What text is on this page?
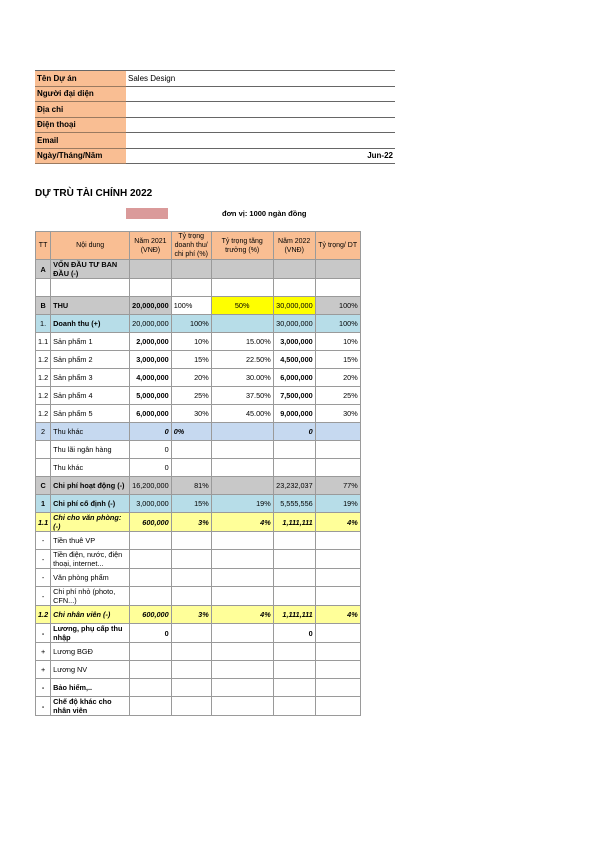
Tên Dự án	Sales Design
Người đại diện	
Địa chỉ	
Điện thoại	
Email	
Ngày/Tháng/Năm	Jun-22
DỰ TRÙ TÀI CHÍNH 2022
đơn vị: 1000 ngàn đồng
TT	Nội dung	Năm 2021 (VNĐ)	Tỷ trọng doanh thu/ chi phí (%)	Tỷ trọng tăng trưởng (%)	Năm 2022 (VNĐ)	Tỷ trọng/ DT
A	VỐN ĐẦU TƯ BAN ĐẦU (-)					

B	THU	20,000,000	100%	50%	30,000,000	100%
1.	Doanh thu (+)	20,000,000	100%		30,000,000	100%
1.1	Sản phẩm 1	2,000,000	10%	15.00%	3,000,000	10%
1.2	Sản phẩm 2	3,000,000	15%	22.50%	4,500,000	15%
1.2	Sản phẩm 3	4,000,000	20%	30.00%	6,000,000	20%
1.2	Sản phẩm 4	5,000,000	25%	37.50%	7,500,000	25%
1.2	Sản phẩm 5	6,000,000	30%	45.00%	9,000,000	30%
2	Thu khác	0	0%		0	
	Thu lãi ngân hàng	0				
	Thu khác	0				
C	Chi phí hoạt động (-)	16,200,000	81%		23,232,037	77%
1	Chi phí cố định (-)	3,000,000	15%	19%	5,555,556	19%
1.1	Chi cho văn phòng: (-)	600,000	3%	4%	1,111,111	4%
-	Tiền thuê VP					
-	Tiền điện, nước, điện thoại, internet...					
-	Văn phòng phẩm					
-	Chi phí nhỏ (photo, CFN...)					
1.2	Chi nhân viên (-)	600,000	3%	4%	1,111,111	4%
-	Lương, phụ cấp thu nhập	0			0	
+	Lương BGĐ					
+	Lương NV					
-	Bảo hiểm,..					
-	Chế độ khác cho nhân viên					
